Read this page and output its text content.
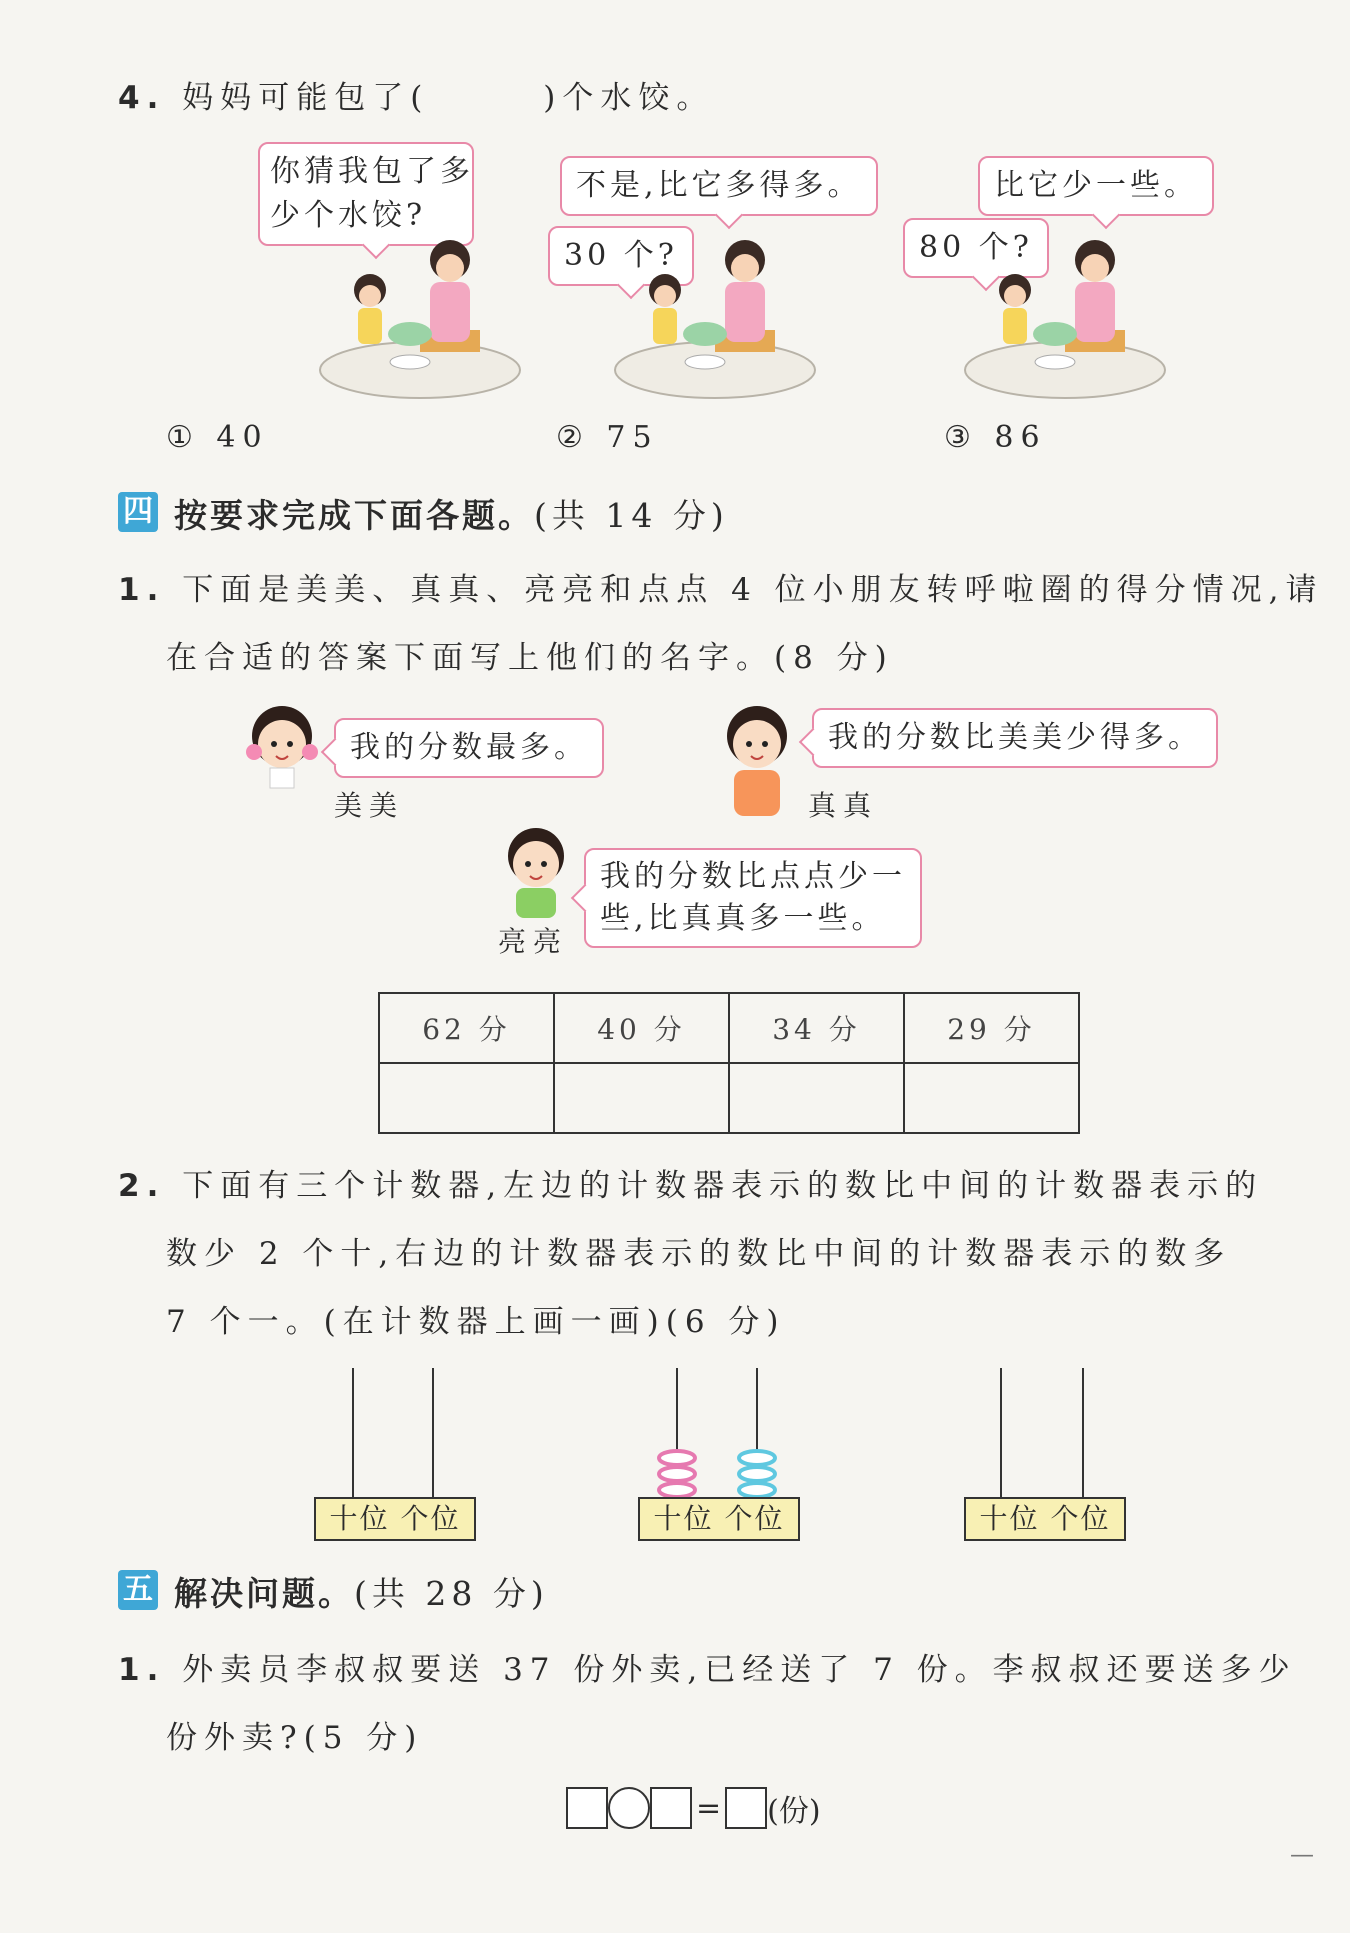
4. 妈妈可能包了(　　　)个水饺。
你猜我包了多
少个水饺?
不是,比它多得多。
30 个?
比它少一些。
80 个?
① 40	② 75	③ 86
四 按要求完成下面各题。(共 14 分)
1. 下面是美美、真真、亮亮和点点 4 位小朋友转呼啦圈的得分情况,请
在合适的答案下面写上他们的名字。(8 分)
我的分数最多。
美美
我的分数比美美少得多。
真真
我的分数比点点少一
些,比真真多一些。
亮亮
62 分	40 分	34 分	29 分

2. 下面有三个计数器,左边的计数器表示的数比中间的计数器表示的
数少 2 个十,右边的计数器表示的数比中间的计数器表示的数多
7 个一。(在计数器上画一画)(6 分)
十位 个位	十位 个位	十位 个位
五 解决问题。(共 28 分)
1. 外卖员李叔叔要送 37 份外卖,已经送了 7 份。李叔叔还要送多少
份外卖?(5 分)
= (份)
—
